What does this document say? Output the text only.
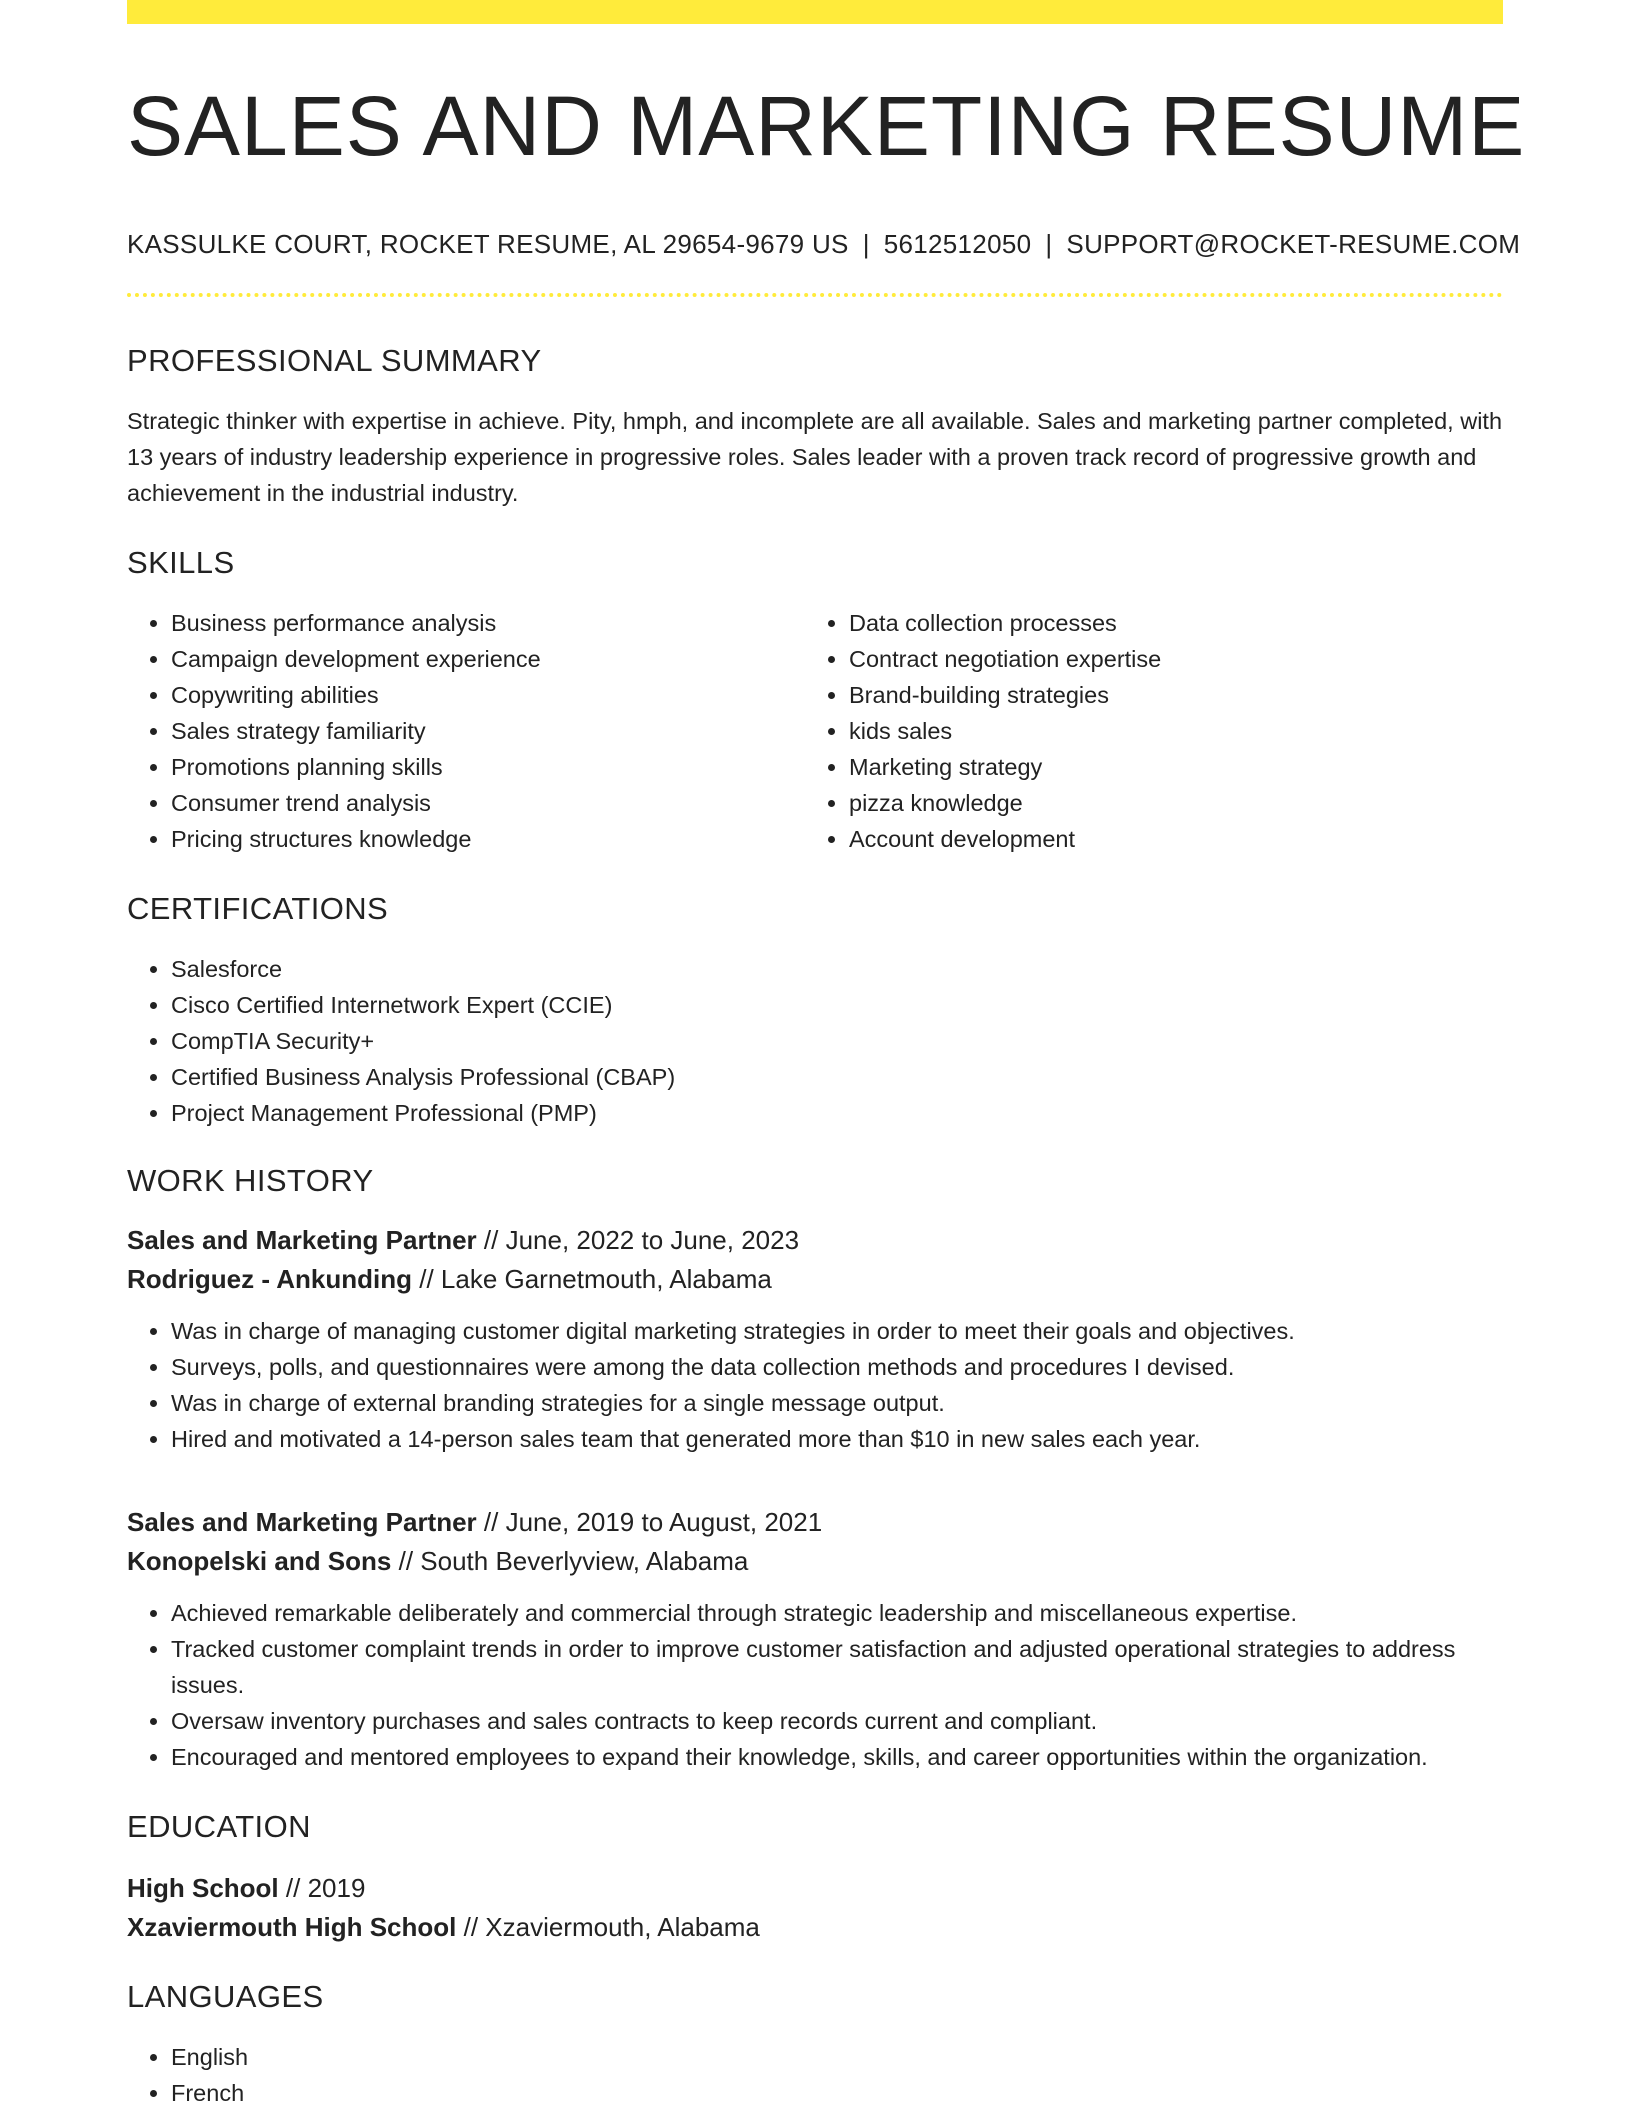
SALES AND MARKETING RESUME
KASSULKE COURT, ROCKET RESUME, AL 29654-9679 US | 5612512050 | SUPPORT@ROCKET-RESUME.COM
PROFESSIONAL SUMMARY

Strategic thinker with expertise in achieve. Pity, hmph, and incomplete are all available. Sales and marketing partner completed, with 13 years of industry leadership experience in progressive roles. Sales leader with a proven track record of progressive growth and achievement in the industrial industry.

SKILLS
• Business performance analysis
• Campaign development experience
• Copywriting abilities
• Sales strategy familiarity
• Promotions planning skills
• Consumer trend analysis
• Pricing structures knowledge
• Data collection processes
• Contract negotiation expertise
• Brand-building strategies
• kids sales
• Marketing strategy
• pizza knowledge
• Account development
CERTIFICATIONS
• Salesforce
• Cisco Certified Internetwork Expert (CCIE)
• CompTIA Security+
• Certified Business Analysis Professional (CBAP)
• Project Management Professional (PMP)
WORK HISTORY
Sales and Marketing Partner // June, 2022 to June, 2023
Rodriguez - Ankunding // Lake Garnetmouth, Alabama
• Was in charge of managing customer digital marketing strategies in order to meet their goals and objectives.
• Surveys, polls, and questionnaires were among the data collection methods and procedures I devised.
• Was in charge of external branding strategies for a single message output.
• Hired and motivated a 14-person sales team that generated more than $10 in new sales each year.
Sales and Marketing Partner // June, 2019 to August, 2021
Konopelski and Sons // South Beverlyview, Alabama
• Achieved remarkable deliberately and commercial through strategic leadership and miscellaneous expertise.
• Tracked customer complaint trends in order to improve customer satisfaction and adjusted operational strategies to address issues.
• Oversaw inventory purchases and sales contracts to keep records current and compliant.
• Encouraged and mentored employees to expand their knowledge, skills, and career opportunities within the organization.
EDUCATION
High School // 2019
Xzaviermouth High School // Xzaviermouth, Alabama
LANGUAGES
• English
• French
